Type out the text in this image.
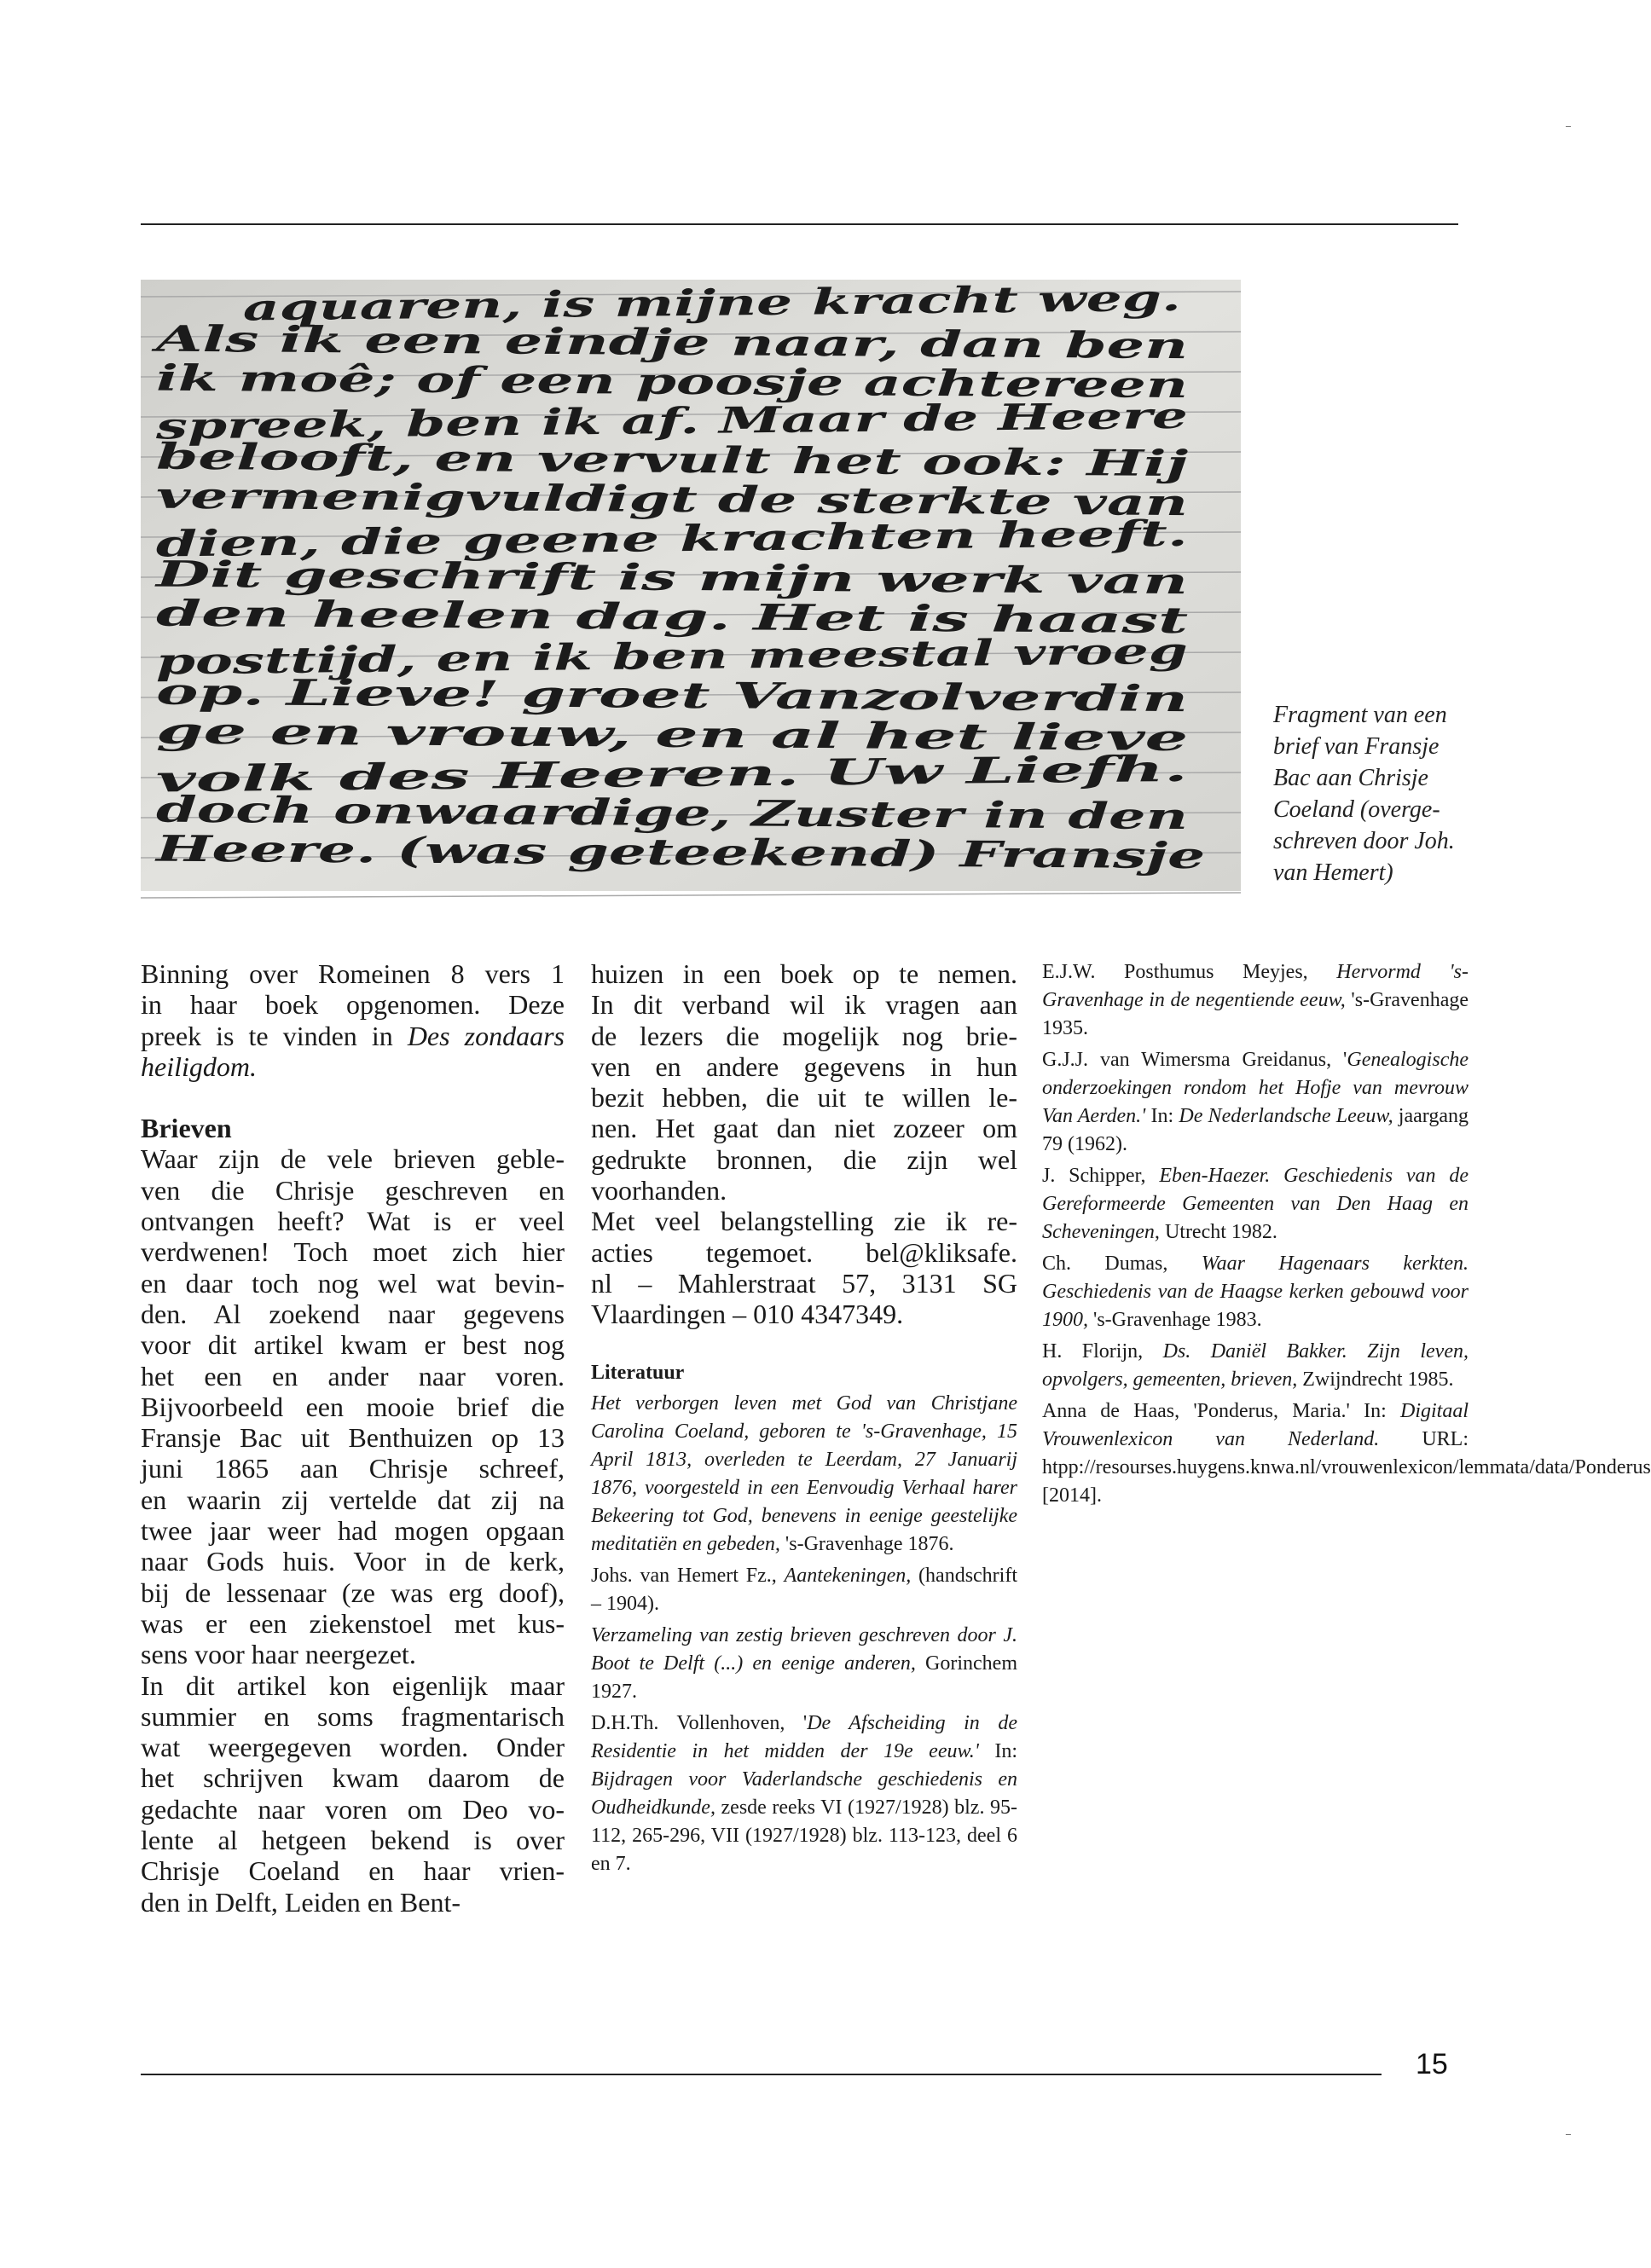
aquaren, is mijne kracht weg.
Als ik een eindje naar, dan ben
ik moê; of een poosje achtereen
spreek, ben ik af. Maar de Heere
belooft, en vervult het ook: Hij
vermenigvuldigt de sterkte van
dien, die geene krachten heeft.
Dit geschrift is mijn werk van
den heelen dag. Het is haast
posttijd, en ik ben meestal vroeg
op. Lieve! groet Vanzolverdin
ge en vrouw, en al het lieve
volk des Heeren. Uw Liefh.
doch onwaardige, Zuster in den
Heere. (was geteekend) Fransje
Fragment van een
brief van Fransje
Bac aan Chrisje
Coeland (overge-
schreven door Joh.
van Hemert)
Binning over Romeinen 8 vers 1
in haar boek opgenomen. Deze
preek is te vinden in Des zondaars
heiligdom.
Brieven
Waar zijn de vele brieven geble-
ven die Chrisje geschreven en
ontvangen heeft? Wat is er veel
verdwenen! Toch moet zich hier
en daar toch nog wel wat bevin-
den. Al zoekend naar gegevens
voor dit artikel kwam er best nog
het een en ander naar voren.
Bijvoorbeeld een mooie brief die
Fransje Bac uit Benthuizen op 13
juni 1865 aan Chrisje schreef,
en waarin zij vertelde dat zij na
twee jaar weer had mogen opgaan
naar Gods huis. Voor in de kerk,
bij de lessenaar (ze was erg doof),
was er een ziekenstoel met kus-
sens voor haar neergezet.
In dit artikel kon eigenlijk maar
summier en soms fragmentarisch
wat weergegeven worden. Onder
het schrijven kwam daarom de
gedachte naar voren om Deo vo-
lente al hetgeen bekend is over
Chrisje Coeland en haar vrien-
den in Delft, Leiden en Bent-
huizen in een boek op te nemen.
In dit verband wil ik vragen aan
de lezers die mogelijk nog brie-
ven en andere gegevens in hun
bezit hebben, die uit te willen le-
nen. Het gaat dan niet zozeer om
gedrukte bronnen, die zijn wel
voorhanden.
Met veel belangstelling zie ik re-
acties tegemoet. bel@kliksafe.
nl – Mahlerstraat 57, 3131 SG
Vlaardingen – 010 4347349.
Literatuur

Het verborgen leven met God van Christjane Carolina Coeland, geboren te 's-Gravenhage, 15 April 1813, overleden te Leerdam, 27 Januarij 1876, voorgesteld in een Eenvoudig Verhaal harer Bekeering tot God, benevens in eenige geestelijke meditatiën en gebeden, 's-Gravenhage 1876.

Johs. van Hemert Fz., Aantekeningen, (handschrift – 1904).

Verzameling van zestig brieven geschreven door J. Boot te Delft (...) en eenige anderen, Gorinchem 1927.

D.H.Th. Vollenhoven, 'De Afscheiding in de Residentie in het midden der 19e eeuw.' In: Bijdragen voor Vaderlandsche geschiedenis en Oudheidkunde, zesde reeks VI (1927/1928) blz. 95-112, 265-296, VII (1927/1928) blz. 113-123, deel 6 en 7.

E.J.W. Posthumus Meyjes, Hervormd 's-Gravenhage in de negentiende eeuw, 's-Gravenhage 1935.

G.J.J. van Wimersma Greidanus, 'Genealogische onderzoekingen rondom het Hofje van mevrouw Van Aerden.' In: De Nederlandsche Leeuw, jaargang 79 (1962).

J. Schipper, Eben-Haezer. Geschiedenis van de Gereformeerde Gemeenten van Den Haag en Scheveningen, Utrecht 1982.

Ch. Dumas, Waar Hagenaars kerkten. Geschiedenis van de Haagse kerken gebouwd voor 1900, 's-Gravenhage 1983.

H. Florijn, Ds. Daniël Bakker. Zijn leven, opvolgers, gemeenten, brieven, Zwijndrecht 1985.

Anna de Haas, 'Ponderus, Maria.' In: Digitaal Vrouwenlexicon van Nederland. URL: htpp://resourses.huygens.knwa.nl/vrouwenlexicon/lemmata/data/Ponderus [2014].

15
